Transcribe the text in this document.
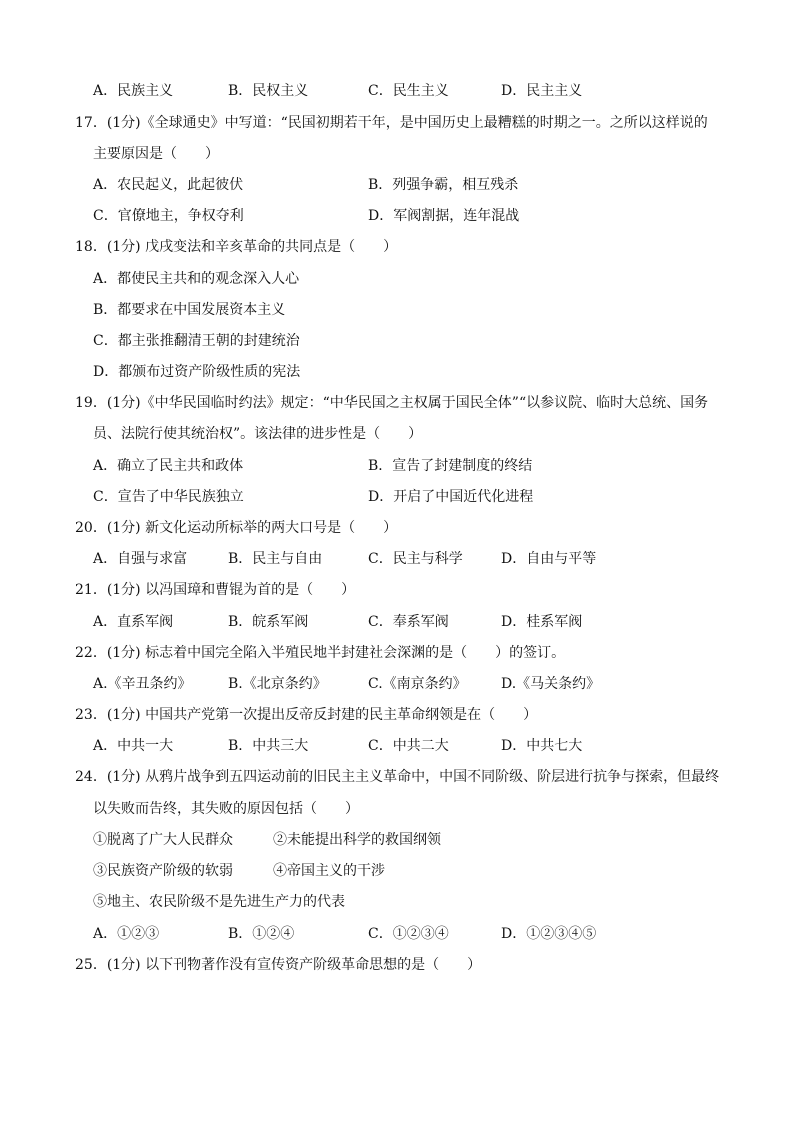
A．民族主义	B．民权主义	C．民生主义	D．民主主义
17．(1分)《全球通史》中写道：“民国初期若干年，是中国历史上最糟糕的时期之一。之所以这样说的
主要原因是（　　）
A．农民起义，此起彼伏	B．列强争霸，相互残杀
C．官僚地主，争权夺利	D．军阀割据，连年混战
18．(1分) 戊戌变法和辛亥革命的共同点是（　　）
A．都使民主共和的观念深入人心
B．都要求在中国发展资本主义
C．都主张推翻清王朝的封建统治
D．都颁布过资产阶级性质的宪法
19．(1分)《中华民国临时约法》规定：“中华民国之主权属于国民全体”“以参议院、临时大总统、国务
员、法院行使其统治权”。该法律的进步性是（　　）
A．确立了民主共和政体	B．宣告了封建制度的终结
C．宣告了中华民族独立	D．开启了中国近代化进程
20．(1分) 新文化运动所标举的两大口号是（　　）
A．自强与求富	B．民主与自由	C．民主与科学	D．自由与平等
21．(1分) 以冯国璋和曹锟为首的是（　　）
A．直系军阀	B．皖系军阀	C．奉系军阀	D．桂系军阀
22．(1分) 标志着中国完全陷入半殖民地半封建社会深渊的是（　　）的签订。
A.《辛丑条约》	B.《北京条约》	C.《南京条约》 D.《马关条约》
23．(1分) 中国共产党第一次提出反帝反封建的民主革命纲领是在（　　）
A．中共一大	B．中共三大	C．中共二大	D．中共七大
24．(1分) 从鸦片战争到五四运动前的旧民主主义革命中，中国不同阶级、阶层进行抗争与探索，但最终
以失败而告终，其失败的原因包括（　　）
①脱离了广大人民群众	②未能提出科学的救国纲领
③民族资产阶级的软弱	④帝国主义的干涉
⑤地主、农民阶级不是先进生产力的代表
A．①②③	B．①②④	C．①②③④	D．①②③④⑤
25．(1分) 以下刊物著作没有宣传资产阶级革命思想的是（　　）
